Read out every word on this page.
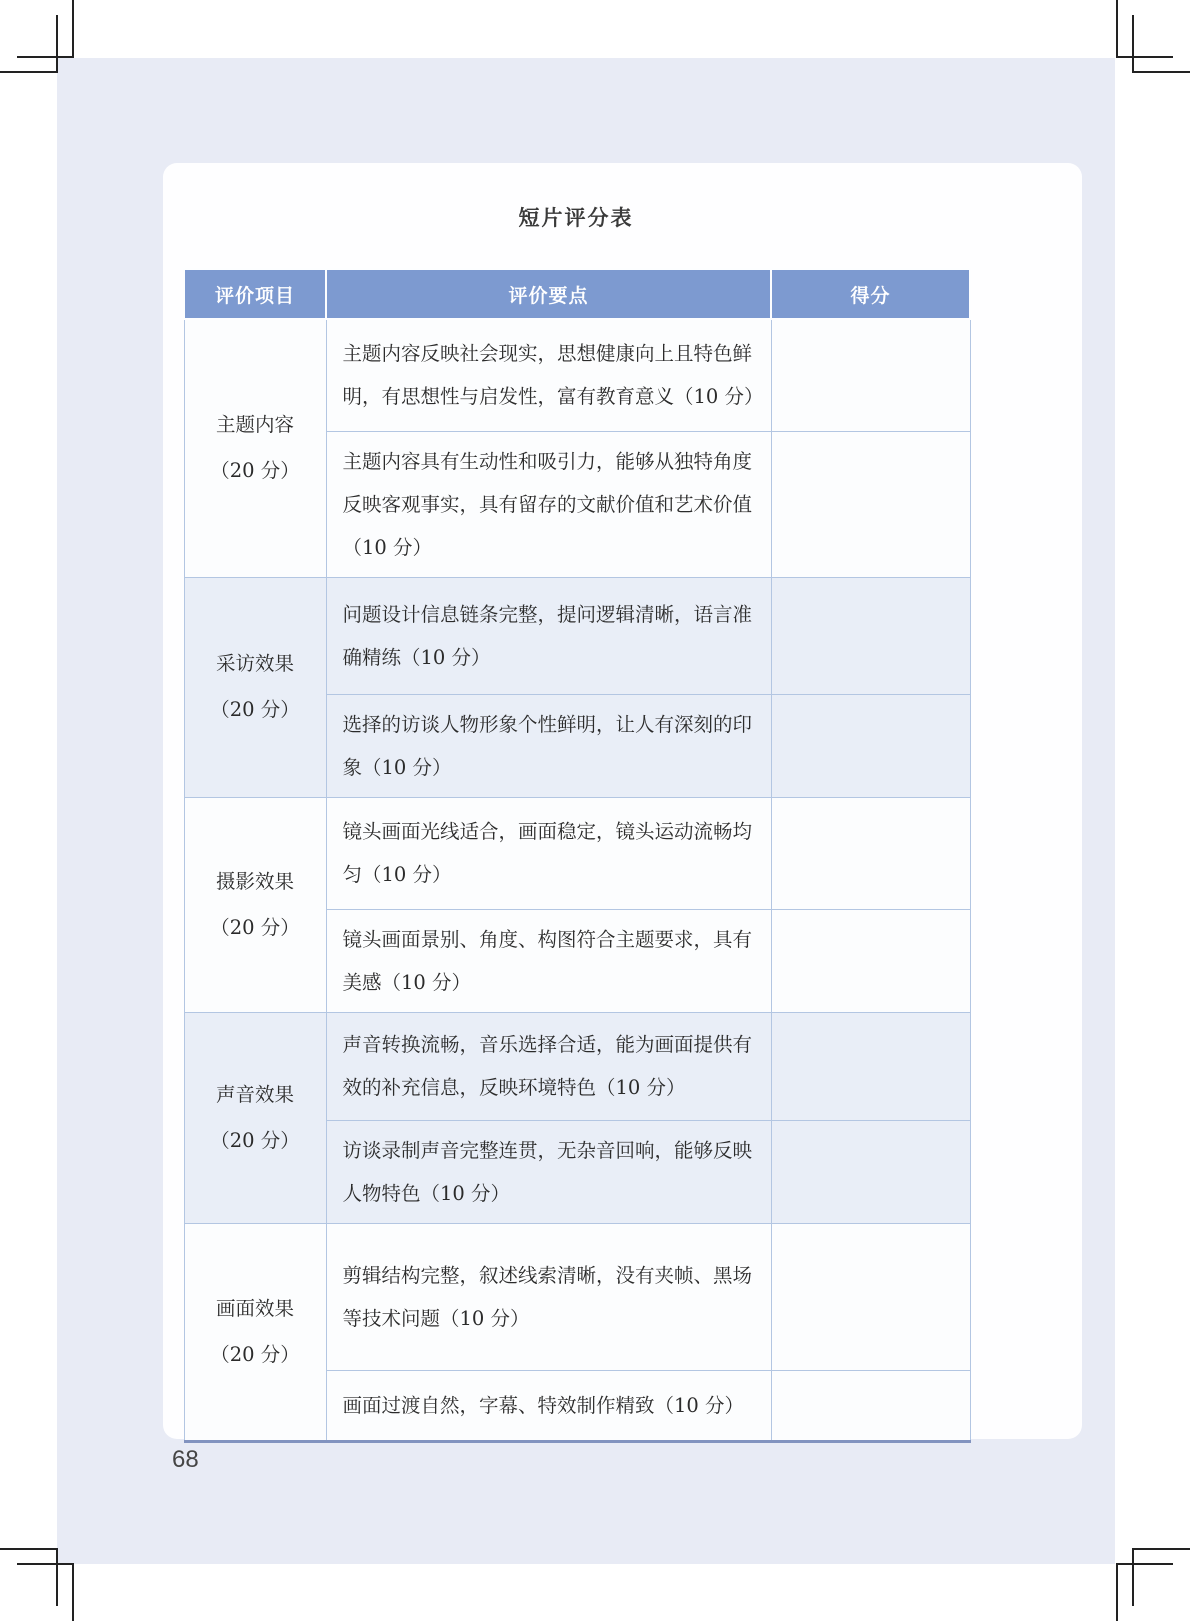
短片评分表
评价项目	评价要点	得分

主题内容
（20 分）	主题内容反映社会现实，思想健康向上且特色鲜明，有思想性与启发性，富有教育意义（10 分）	
	主题内容具有生动性和吸引力，能够从独特角度反映客观事实，具有留存的文献价值和艺术价值（10 分）	

采访效果
（20 分）	问题设计信息链条完整，提问逻辑清晰，语言准确精练（10 分）	
	选择的访谈人物形象个性鲜明，让人有深刻的印象（10 分）	

摄影效果
（20 分）	镜头画面光线适合，画面稳定，镜头运动流畅均匀（10 分）	
	镜头画面景别、角度、构图符合主题要求，具有美感（10 分）	

声音效果
（20 分）	声音转换流畅，音乐选择合适，能为画面提供有效的补充信息，反映环境特色（10 分）	
	访谈录制声音完整连贯，无杂音回响，能够反映人物特色（10 分）	

画面效果
（20 分）	剪辑结构完整，叙述线索清晰，没有夹帧、黑场等技术问题（10 分）	
	画面过渡自然，字幕、特效制作精致（10 分）	
68
